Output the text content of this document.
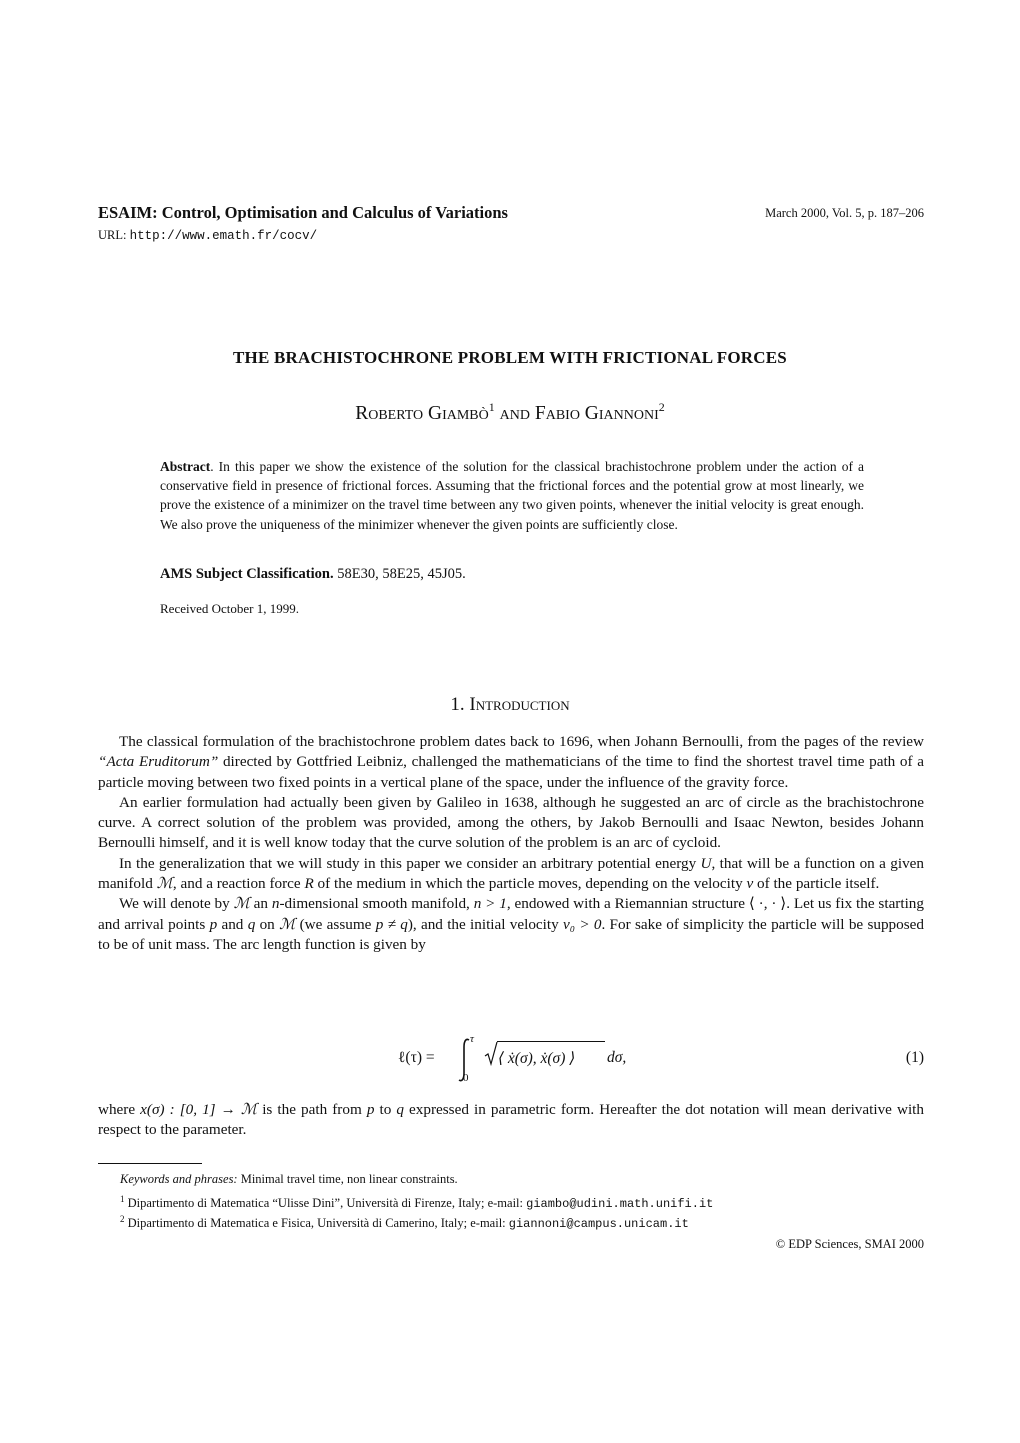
ESAIM: Control, Optimisation and Calculus of Variations	March 2000, Vol. 5, p. 187–206
URL: http://www.emath.fr/cocv/
THE BRACHISTOCHRONE PROBLEM WITH FRICTIONAL FORCES
Roberto Giambò$^1$ and Fabio Giannoni$^2$
Abstract. In this paper we show the existence of the solution for the classical brachistochrone problem under the action of a conservative field in presence of frictional forces. Assuming that the frictional forces and the potential grow at most linearly, we prove the existence of a minimizer on the travel time between any two given points, whenever the initial velocity is great enough. We also prove the uniqueness of the minimizer whenever the given points are sufficiently close.
AMS Subject Classification. 58E30, 58E25, 45J05.
Received October 1, 1999.
1. Introduction

The classical formulation of the brachistochrone problem dates back to 1696, when Johann Bernoulli, from the pages of the review “Acta Eruditorum” directed by Gottfried Leibniz, challenged the mathematicians of the time to find the shortest travel time path of a particle moving between two fixed points in a vertical plane of the space, under the influence of the gravity force.

An earlier formulation had actually been given by Galileo in 1638, although he suggested an arc of circle as the brachistochrone curve. A correct solution of the problem was provided, among the others, by Jakob Bernoulli and Isaac Newton, besides Johann Bernoulli himself, and it is well know today that the curve solution of the problem is an arc of cycloid.

In the generalization that we will study in this paper we consider an arbitrary potential energy U, that will be a function on a given manifold ℳ, and a reaction force R of the medium in which the particle moves, depending on the velocity v of the particle itself.

We will denote by ℳ an n-dimensional smooth manifold, n > 1, endowed with a Riemannian structure ⟨ ·, · ⟩. Let us fix the starting and arrival points p and q on ℳ (we assume p ≠ q), and the initial velocity v₀ > 0. For sake of simplicity the particle will be supposed to be of unit mass. The arc length function is given by

ℓ(τ) =
τ
0
⟨ ẋ(σ), ẋ(σ) ⟩ dσ,	(1)
where x(σ) : [0, 1] → ℳ is the path from p to q expressed in parametric form. Hereafter the dot notation will mean derivative with respect to the parameter.
Keywords and phrases: Minimal travel time, non linear constraints.
$^1$ Dipartimento di Matematica “Ulisse Dini”, Università di Firenze, Italy; e-mail: giambo@udini.math.unifi.it
$^2$ Dipartimento di Matematica e Fisica, Università di Camerino, Italy; e-mail: giannoni@campus.unicam.it
© EDP Sciences, SMAI 2000
